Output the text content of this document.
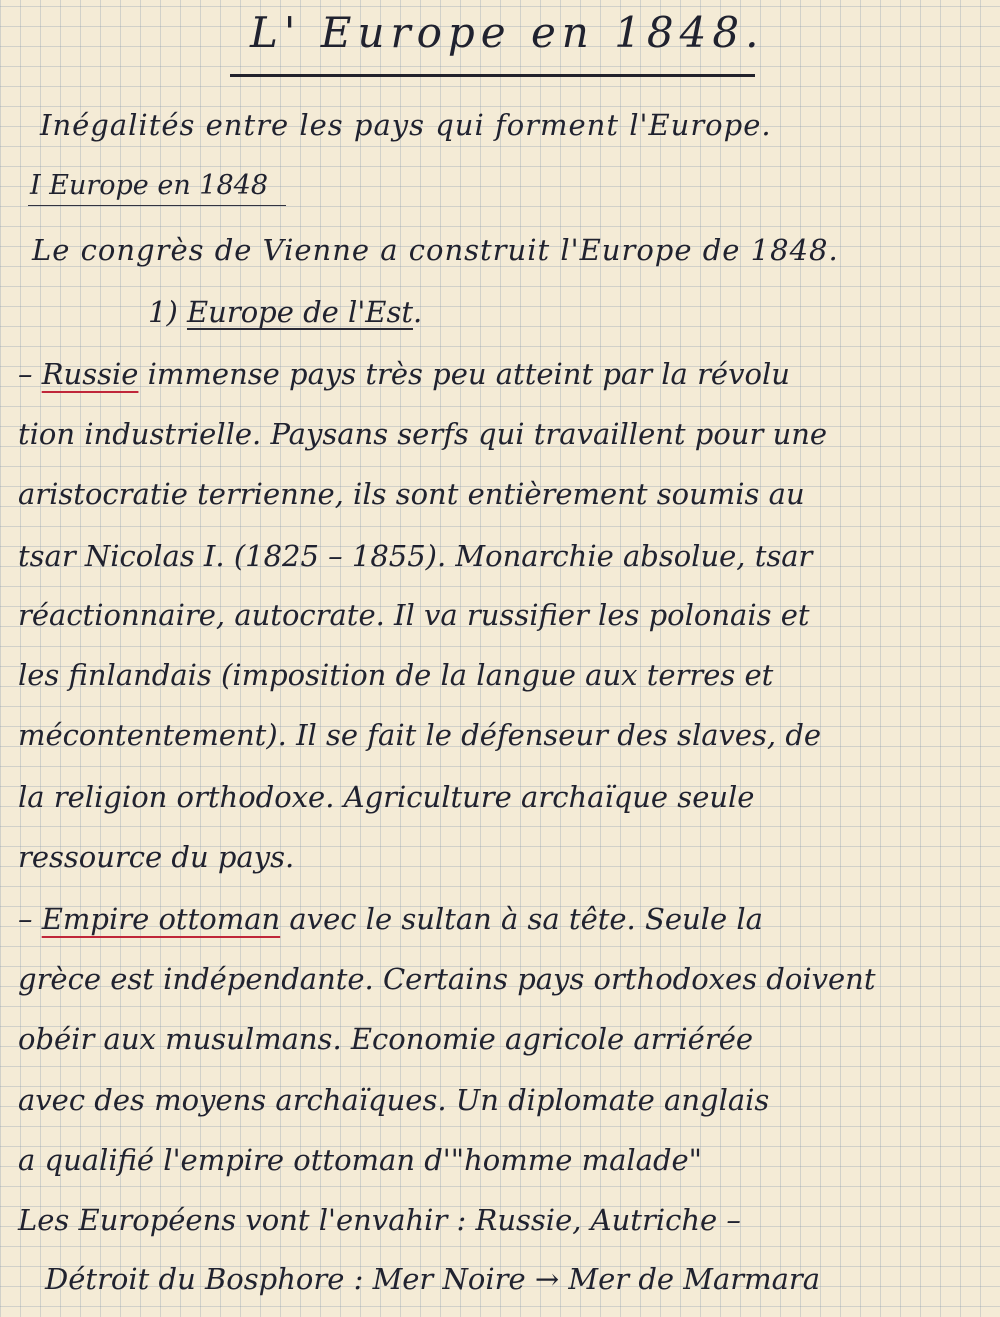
L' Europe en 1848.
Inégalités entre les pays qui forment l'Europe.
I Europe en 1848
Le congrès de Vienne a construit l'Europe de 1848.
1) Europe de l'Est.
– Russie immense pays très peu atteint par la révolu
tion industrielle. Paysans serfs qui travaillent pour une
aristocratie terrienne, ils sont entièrement soumis au
tsar Nicolas I. (1825 – 1855). Monarchie absolue, tsar
réactionnaire, autocrate. Il va russifier les polonais et
les finlandais (imposition de la langue aux terres et
mécontentement). Il se fait le défenseur des slaves, de
la religion orthodoxe. Agriculture archaïque seule
ressource du pays.
– Empire ottoman avec le sultan à sa tête. Seule la
grèce est indépendante. Certains pays orthodoxes doivent
obéir aux musulmans. Economie agricole arriérée
avec des moyens archaïques. Un diplomate anglais
a qualifié l'empire ottoman d'"homme malade"
Les Européens vont l'envahir : Russie, Autriche –
Détroit du Bosphore : Mer Noire → Mer de Marmara
